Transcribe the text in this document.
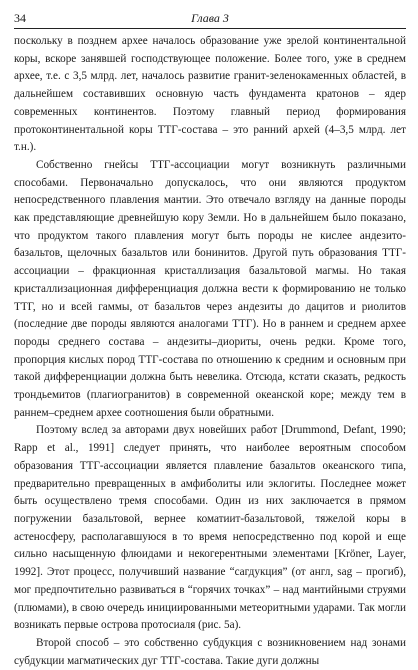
34	Глава 3

поскольку в позднем архее началось образование уже зрелой континентальной коры, вскоре занявшей господствующее положение. Более того, уже в среднем архее, т.е. с 3,5 млрд. лет, началось развитие гранит-зеленокаменных областей, в дальнейшем составивших основную часть фундамента кратонов – ядер современных континентов. Поэтому главный период формирования протоконтинентальной коры ТТГ-состава – это ранний архей (4–3,5 млрд. лет т.н.).

Собственно гнейсы ТТГ-ассоциации могут возникнуть различными способами. Первоначально допускалось, что они являются продуктом непосредственного плавления мантии. Это отвечало взгляду на данные породы как представляющие древнейшую кору Земли. Но в дальнейшем было показано, что продуктом такого плавления могут быть породы не кислее андезито-базальтов, щелочных базальтов или бонинитов. Другой путь образования ТТГ-ассоциации – фракционная кристаллизация базальтовой магмы. Но такая кристаллизационная дифференциация должна вести к формированию не только ТТГ, но и всей гаммы, от базальтов через андезиты до дацитов и риолитов (последние две породы являются аналогами ТТГ). Но в раннем и среднем архее породы среднего состава – андезиты–диориты, очень редки. Кроме того, пропорция кислых пород ТТГ-состава по отношению к средним и основным при такой дифференциации должна быть невелика. Отсюда, кстати сказать, редкость трондьемитов (плагиогранитов) в современной океанской коре; между тем в раннем–среднем архее соотношения были обратными.

Поэтому вслед за авторами двух новейших работ [Drummond, Defant, 1990; Rapp et al., 1991] следует принять, что наиболее вероятным способом образования ТТГ-ассоциации является плавление базальтов океанского типа, предварительно превращенных в амфиболиты или эклогиты. Последнее может быть осуществлено тремя способами. Один из них заключается в прямом погружении базальтовой, вернее коматиит-базальтовой, тяжелой коры в астеносферу, располагавшуюся в то время непосредственно под корой и еще сильно насыщенную флюидами и некогерентными элементами [Kröner, Layer, 1992]. Этот процесс, получивший название “сагдукция” (от англ, sag – прогиб), мог предпочтительно развиваться в “горячих точках” – над мантийными струями (плюмами), в свою очередь инициированными метеоритными ударами. Так могли возникать первые острова протосиаля (рис. 5а).

Второй способ – это собственно субдукция с возникновением над зонами субдукции магматических дуг ТТГ-состава. Такие дуги должны
